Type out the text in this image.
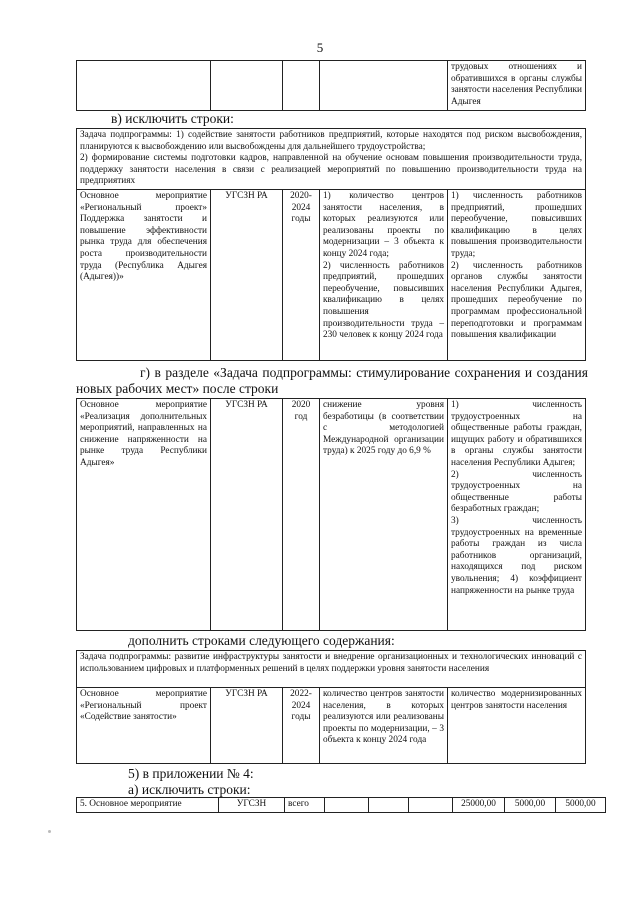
5
				трудовых отношениях и обратившихся в органы службы занятости населения Республики Адыгея
в) исключить строки:
Задача подпрограммы: 1) содействие занятости работников предприятий, которые находятся под риском высвобождения, планируются к высвобождению или высвобождены для дальнейшего трудоустройства;
2) формирование системы подготовки кадров, направленной на обучение основам повышения производительности труда, поддержку занятости населения в связи с реализацией мероприятий по повышению производительности труда на предприятиях
Основное мероприятие «Региональный проект» Поддержка занятости и повышение эффективности рынка труда для обеспечения роста производительности труда (Республика Адыгея (Адыгея))»	УГСЗН РА	2020-2024 годы	1) количество центров занятости населения, в которых реализуются или реализованы проекты по модернизации – 3 объекта к концу 2024 года;
2) численность работников предприятий, прошедших переобучение, повысивших квалификацию в целях повышения производительности труда – 230 человек к концу 2024 года	1) численность работников предприятий, прошедших переобучение, повысивших квалификацию в целях повышения производительности труда;
2) численность работников органов службы занятости населения Республики Адыгея, прошедших переобучение по программам профессиональной переподготовки и программам повышения квалификации
г) в разделе «Задача подпрограммы: стимулирование сохранения и создания новых рабочих мест» после строки
Основное мероприятие «Реализация дополнительных мероприятий, направленных на снижение напряженности на рынке труда Республики Адыгея»	УГСЗН РА	2020 год	снижение уровня безработицы (в соответствии с методологией Международной организации труда) к 2025 году до 6,9 %	1) численность трудоустроенных на общественные работы граждан, ищущих работу и обратившихся в органы службы занятости населения Республики Адыгея;
2) численность трудоустроенных на общественные работы безработных граждан;
3) численность трудоустроенных на временные работы граждан из числа работников организаций, находящихся под риском увольнения; 4) коэффициент напряженности на рынке труда
дополнить строками следующего содержания:
Задача подпрограммы: развитие инфраструктуры занятости и внедрение организационных и технологических инноваций с использованием цифровых и платформенных решений в целях поддержки уровня занятости населения
Основное мероприятие «Региональный проект «Содействие занятости»	УГСЗН РА	2022-2024 годы	количество центров занятости населения, в которых реализуются или реализованы проекты по модернизации, – 3 объекта к концу 2024 года	количество модернизированных центров занятости населения
5) в приложении № 4:
а) исключить строки:
5. Основное мероприятие	УГСЗН	всего				25000,00	5000,00	5000,00
